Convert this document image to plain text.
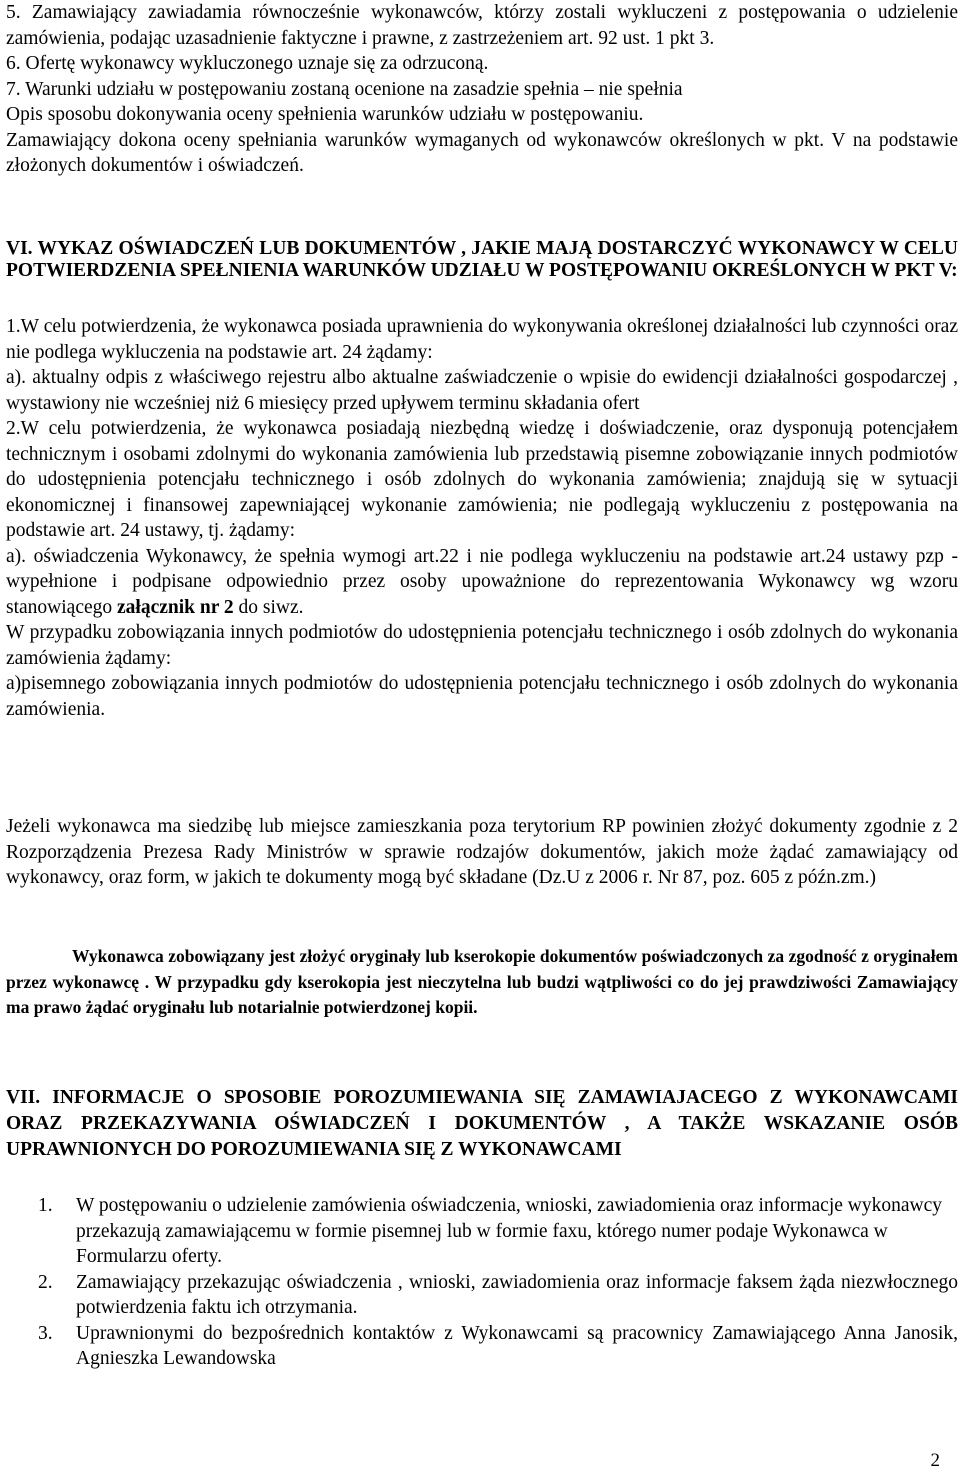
5. Zamawiający zawiadamia równocześnie wykonawców, którzy zostali wykluczeni z postępowania o udzielenie zamówienia, podając uzasadnienie faktyczne i prawne, z zastrzeżeniem art. 92 ust. 1 pkt 3.

6. Ofertę wykonawcy wykluczonego uznaje się za odrzuconą.

7. Warunki udziału w postępowaniu zostaną ocenione na zasadzie spełnia – nie spełnia

Opis sposobu dokonywania oceny spełnienia warunków udziału w postępowaniu.

Zamawiający dokona oceny spełniania warunków wymaganych od wykonawców określonych w pkt. V na podstawie złożonych dokumentów i oświadczeń.

VI. WYKAZ OŚWIADCZEŃ LUB DOKUMENTÓW , JAKIE MAJĄ DOSTARCZYĆ WYKONAWCY W CELU POTWIERDZENIA SPEŁNIENIA WARUNKÓW UDZIAŁU W POSTĘPOWANIU OKREŚLONYCH W PKT V:

1.W celu potwierdzenia, że wykonawca posiada uprawnienia do wykonywania określonej działalności lub czynności oraz nie podlega wykluczenia na podstawie art. 24 żądamy:

a). aktualny odpis z właściwego rejestru albo aktualne zaświadczenie o wpisie do ewidencji działalności gospodarczej , wystawiony nie wcześniej niż 6 miesięcy przed upływem terminu składania ofert

2.W celu potwierdzenia, że wykonawca posiadają niezbędną wiedzę i doświadczenie, oraz dysponują potencjałem technicznym i osobami zdolnymi do wykonania zamówienia lub przedstawią pisemne zobowiązanie innych podmiotów do udostępnienia potencjału technicznego i osób zdolnych do wykonania zamówienia; znajdują się w sytuacji ekonomicznej i finansowej zapewniającej wykonanie zamówienia; nie podlegają wykluczeniu z postępowania na podstawie art. 24 ustawy, tj. żądamy:

a). oświadczenia Wykonawcy, że spełnia wymogi art.22 i nie podlega wykluczeniu na podstawie art.24 ustawy pzp - wypełnione i podpisane odpowiednio przez osoby upoważnione do reprezentowania Wykonawcy wg wzoru stanowiącego załącznik nr 2 do siwz.

W przypadku zobowiązania innych podmiotów do udostępnienia potencjału technicznego i osób zdolnych do wykonania zamówienia żądamy:

a)pisemnego zobowiązania innych podmiotów do udostępnienia potencjału technicznego i osób zdolnych do wykonania zamówienia.

Jeżeli wykonawca ma siedzibę lub miejsce zamieszkania poza terytorium RP powinien złożyć dokumenty zgodnie z 2 Rozporządzenia Prezesa Rady Ministrów w sprawie rodzajów dokumentów, jakich może żądać zamawiający od wykonawcy, oraz form, w jakich te dokumenty mogą być składane (Dz.U z 2006 r. Nr 87, poz. 605 z późn.zm.)

Wykonawca zobowiązany jest złożyć oryginały lub kserokopie dokumentów poświadczonych za zgodność z oryginałem przez wykonawcę . W przypadku gdy kserokopia jest nieczytelna lub budzi wątpliwości co do jej prawdziwości Zamawiający ma prawo żądać oryginału lub notarialnie potwierdzonej kopii.

VII. INFORMACJE O SPOSOBIE POROZUMIEWANIA SIĘ ZAMAWIAJACEGO Z WYKONAWCAMI ORAZ PRZEKAZYWANIA OŚWIADCZEŃ I DOKUMENTÓW , A TAKŻE WSKAZANIE OSÓB UPRAWNIONYCH DO POROZUMIEWANIA SIĘ Z WYKONAWCAMI

1. W postępowaniu o udzielenie zamówienia oświadczenia, wnioski, zawiadomienia oraz informacje wykonawcy przekazują zamawiającemu w formie pisemnej lub w formie faxu, którego numer podaje Wykonawca w Formularzu oferty.
2. Zamawiający przekazując oświadczenia , wnioski, zawiadomienia oraz informacje faksem żąda niezwłocznego potwierdzenia faktu ich otrzymania.
3. Uprawnionymi do bezpośrednich kontaktów z Wykonawcami są pracownicy Zamawiającego Anna Janosik, Agnieszka Lewandowska
2
